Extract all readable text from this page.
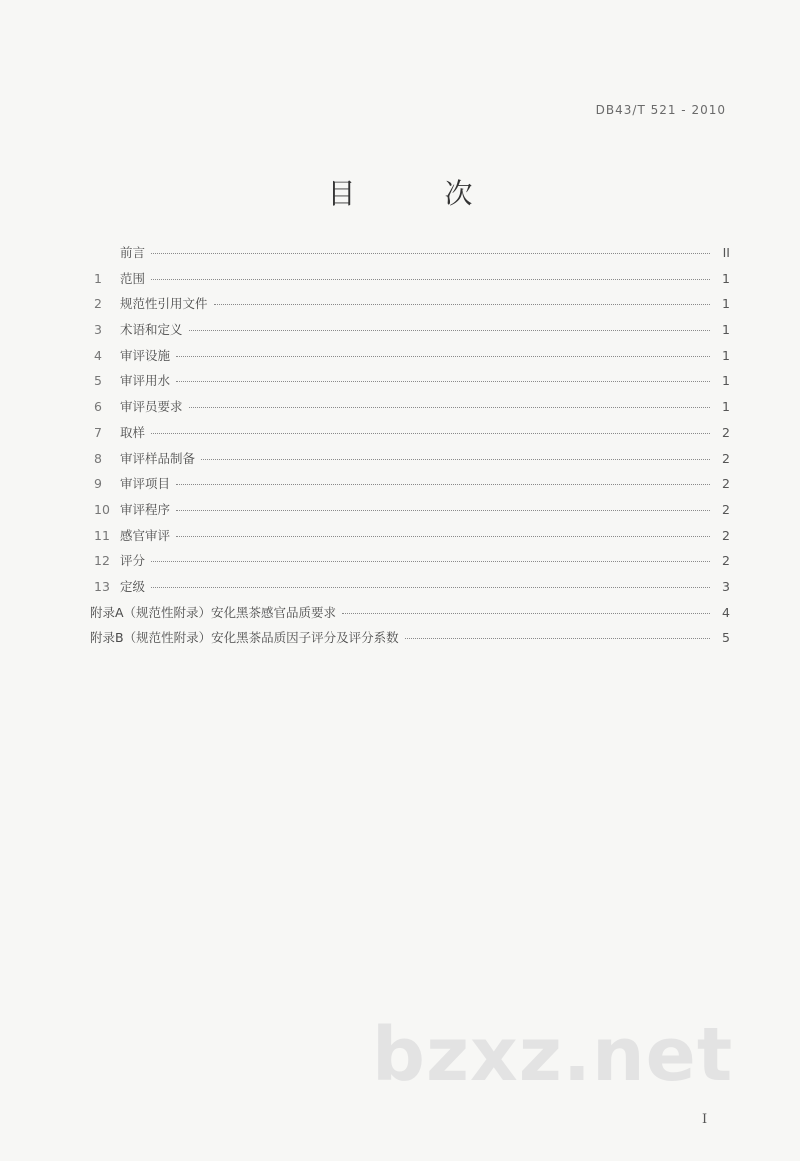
DB43/T 521 - 2010
目 次
前言	II
1	范围	1
2	规范性引用文件	1
3	术语和定义	1
4	审评设施	1
5	审评用水	1
6	审评员要求	1
7	取样	2
8	审评样品制备	2
9	审评项目	2
10 审评程序	2
11 感官审评	2
12 评分	2
13 定级	3
附录A（规范性附录）安化黑茶感官品质要求	4
附录B（规范性附录）安化黑茶品质因子评分及评分系数	5
bzxz.net
I
